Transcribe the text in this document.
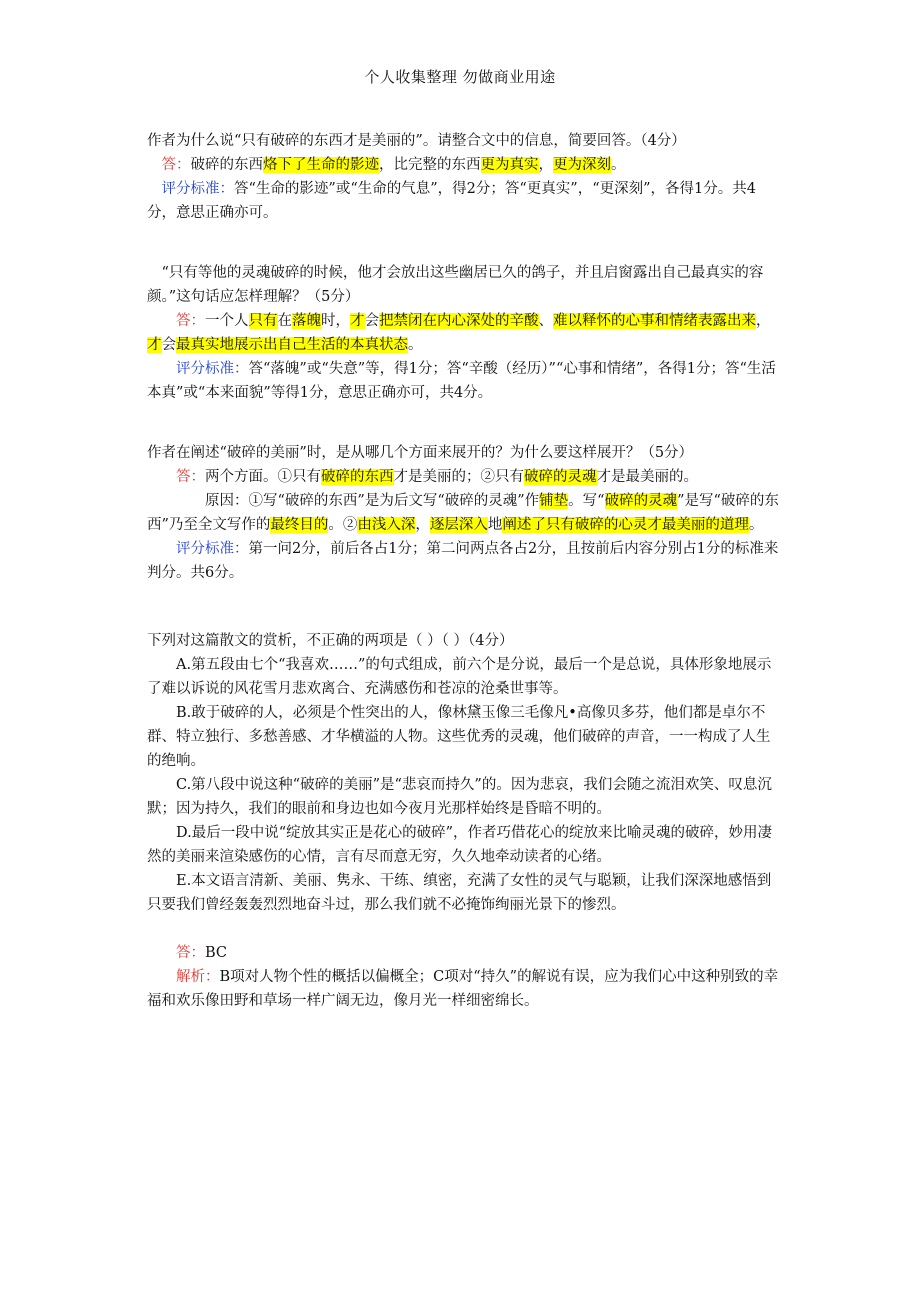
个人收集整理 勿做商业用途

作者为什么说“只有破碎的东西才是美丽的”。请整合文中的信息，简要回答。（4分）

答：破碎的东西烙下了生命的影迹，比完整的东西更为真实，更为深刻。

评分标准：答“生命的影迹”或“生命的气息”，得2分；答“更真实”，“更深刻”，各得1分。共4分，意思正确亦可。

“只有等他的灵魂破碎的时候，他才会放出这些幽居已久的鸽子，并且启窗露出自己最真实的容颜。”这句话应怎样理解？（5分）

答：一个人只有在落魄时，才会把禁闭在内心深处的辛酸、难以释怀的心事和情绪表露出来，才会最真实地展示出自己生活的本真状态。

评分标准：答“落魄”或“失意”等，得1分；答“辛酸（经历）”“心事和情绪”，各得1分；答“生活本真”或“本来面貌”等得1分，意思正确亦可，共4分。

作者在阐述“破碎的美丽”时，是从哪几个方面来展开的？为什么要这样展开？（5分）

答：两个方面。①只有破碎的东西才是美丽的；②只有破碎的灵魂才是最美丽的。

原因：①写“破碎的东西”是为后文写“破碎的灵魂”作铺垫。写“破碎的灵魂”是写“破碎的东西”乃至全文写作的最终目的。②由浅入深，逐层深入地阐述了只有破碎的心灵才最美丽的道理。

评分标准：第一问2分，前后各占1分；第二问两点各占2分，且按前后内容分别占1分的标准来判分。共6分。

下列对这篇散文的赏析，不正确的两项是（ ）（ ）（4分）

A.第五段由七个“我喜欢……”的句式组成，前六个是分说，最后一个是总说，具体形象地展示了难以诉说的风花雪月悲欢离合、充满感伤和苍凉的沧桑世事等。

B.敢于破碎的人，必须是个性突出的人，像林黛玉像三毛像凡•高像贝多芬，他们都是卓尔不群、特立独行、多愁善感、才华横溢的人物。这些优秀的灵魂，他们破碎的声音，一一构成了人生的绝响。

C.第八段中说这种“破碎的美丽”是“悲哀而持久”的。因为悲哀，我们会随之流泪欢笑、叹息沉默；因为持久，我们的眼前和身边也如今夜月光那样始终是昏暗不明的。

D.最后一段中说“绽放其实正是花心的破碎”，作者巧借花心的绽放来比喻灵魂的破碎，妙用凄然的美丽来渲染感伤的心情，言有尽而意无穷，久久地牵动读者的心绪。

E.本文语言清新、美丽、隽永、干练、缜密，充满了女性的灵气与聪颖，让我们深深地感悟到只要我们曾经轰轰烈烈地奋斗过，那么我们就不必掩饰绚丽光景下的惨烈。

答：BC

解析：B项对人物个性的概括以偏概全；C项对“持久”的解说有误，应为我们心中这种别致的幸福和欢乐像田野和草场一样广阔无边，像月光一样细密绵长。
